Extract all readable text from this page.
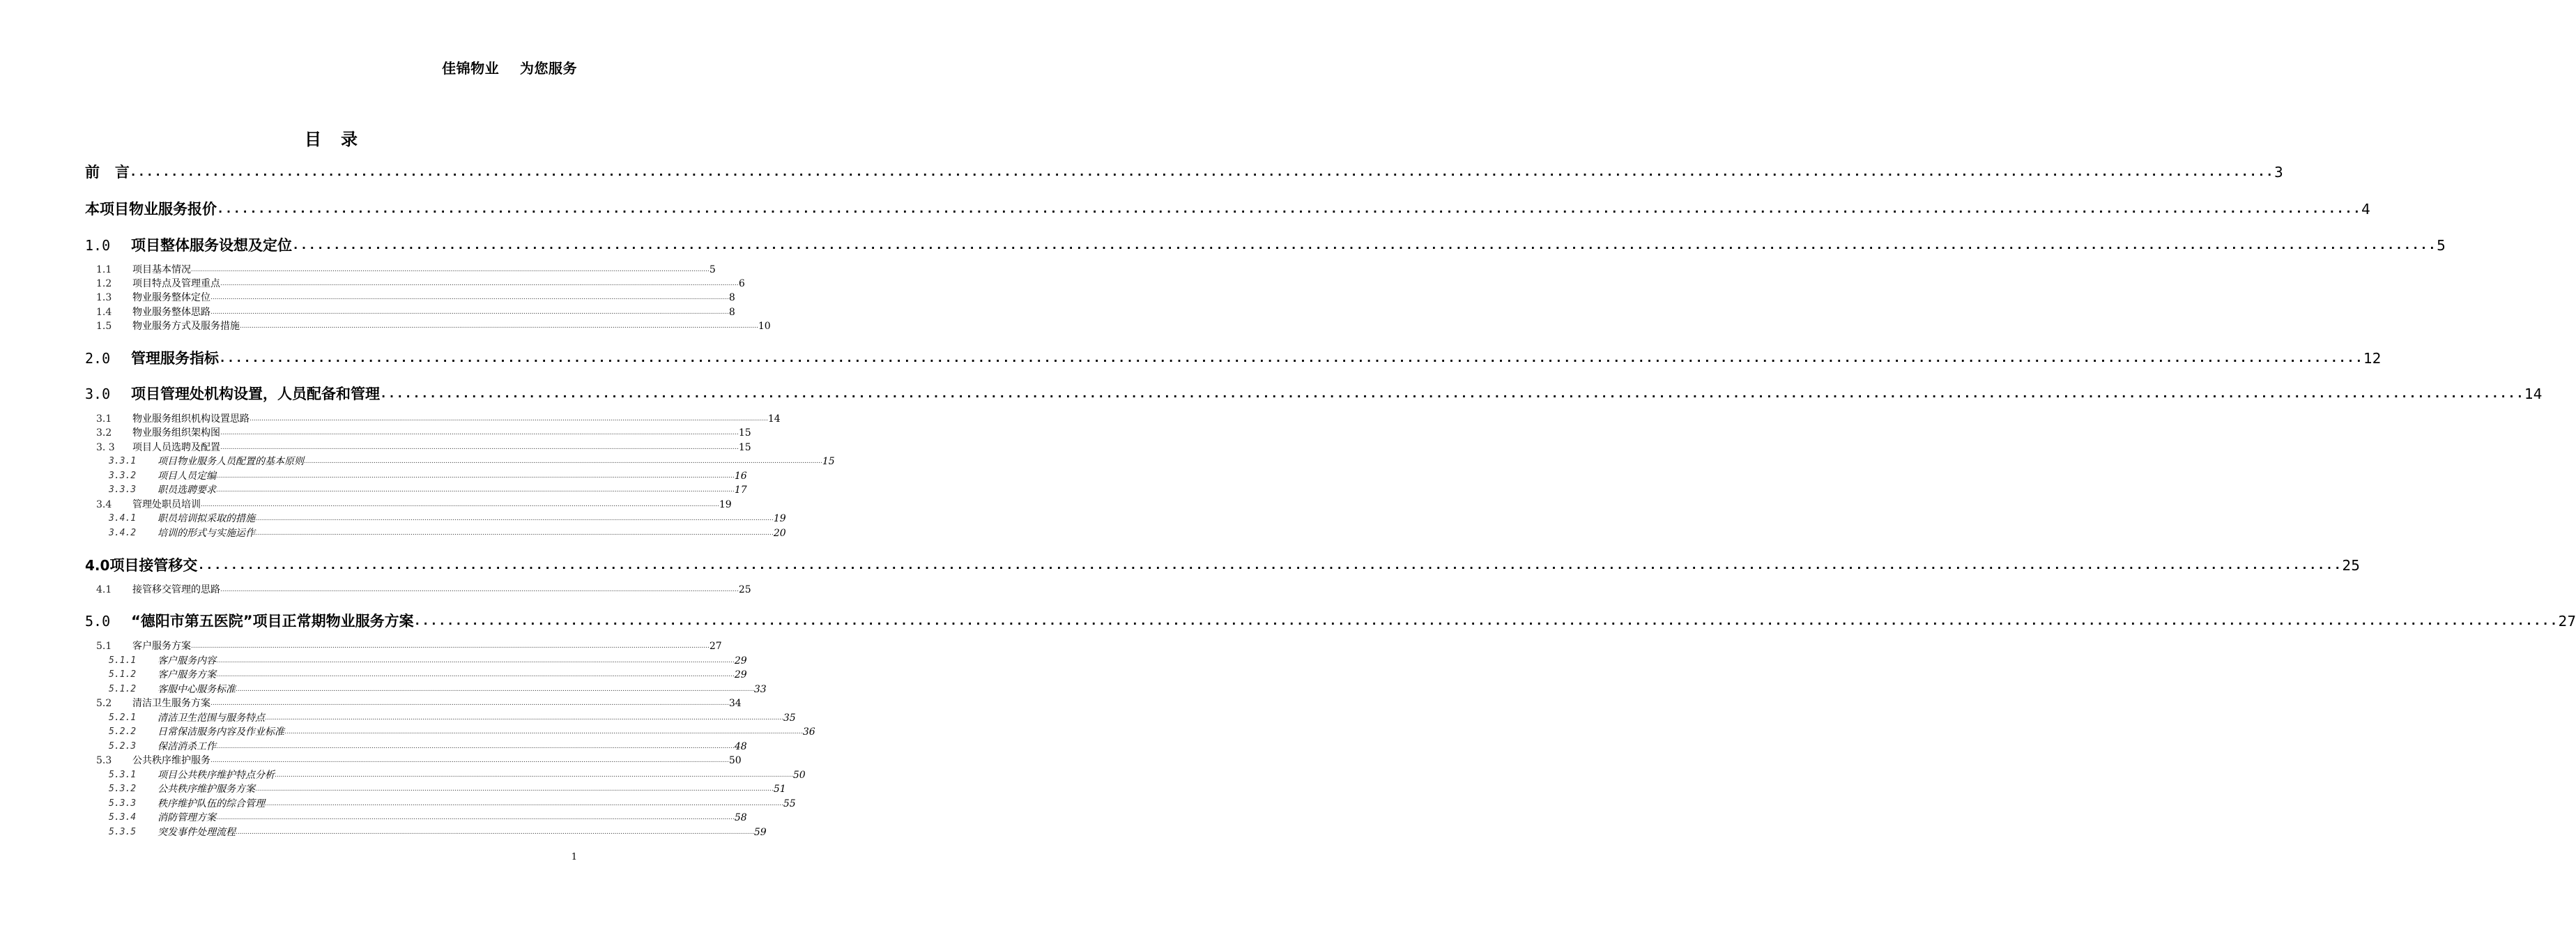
佳锦物业    为您服务
目录
前   言 .................................................................................................................................................................................................................................................................... 3
本项目物业服务报价 .................................................................................................................................................................................................................................................................... 4
1.0	项目整体服务设想及定位 .................................................................................................................................................................................................................................................................... 5
1.1	项目基本情况 .................................................................................................................................................................................................................................................................... 5
1.2	项目特点及管理重点 .................................................................................................................................................................................................................................................................... 6
1.3	物业服务整体定位 .................................................................................................................................................................................................................................................................... 8
1.4	物业服务整体思路 .................................................................................................................................................................................................................................................................... 8
1.5	物业服务方式及服务措施 .................................................................................................................................................................................................................................................................... 10
2.0	管理服务指标 .................................................................................................................................................................................................................................................................... 12
3.0	项目管理处机构设置，人员配备和管理 .................................................................................................................................................................................................................................................................... 14
3.1	物业服务组织机构设置思路 .................................................................................................................................................................................................................................................................... 14
3.2	物业服务组织架构图 .................................................................................................................................................................................................................................................................... 15
3. 3	项目人员选聘及配置 .................................................................................................................................................................................................................................................................... 15
3.3.1	项目物业服务人员配置的基本原则 .................................................................................................................................................................................................................................................................... 15
3.3.2	项目人员定编 .................................................................................................................................................................................................................................................................... 16
3.3.3	职员选聘要求 .................................................................................................................................................................................................................................................................... 17
3.4	管理处职员培训 .................................................................................................................................................................................................................................................................... 19
3.4.1	职员培训拟采取的措施 .................................................................................................................................................................................................................................................................... 19
3.4.2	培训的形式与实施运作 .................................................................................................................................................................................................................................................................... 20
4.0 项目接管移交 .................................................................................................................................................................................................................................................................... 25
4.1	接管移交管理的思路 .................................................................................................................................................................................................................................................................... 25
5.0	“德阳市第五医院”项目正常期物业服务方案 .................................................................................................................................................................................................................................................................... 27
5.1	客户服务方案 .................................................................................................................................................................................................................................................................... 27
5.1.1	客户服务内容 .................................................................................................................................................................................................................................................................... 29
5.1.2	客户服务方案 .................................................................................................................................................................................................................................................................... 29
5.1.2	客服中心服务标准 .................................................................................................................................................................................................................................................................... 33
5.2	清洁卫生服务方案 .................................................................................................................................................................................................................................................................... 34
5.2.1	清洁卫生范围与服务特点 .................................................................................................................................................................................................................................................................... 35
5.2.2	日常保洁服务内容及作业标准 .................................................................................................................................................................................................................................................................... 36
5.2.3	保洁消杀工作 .................................................................................................................................................................................................................................................................... 48
5.3	公共秩序维护服务 .................................................................................................................................................................................................................................................................... 50
5.3.1	项目公共秩序维护特点分析 .................................................................................................................................................................................................................................................................... 50
5.3.2	公共秩序维护服务方案 .................................................................................................................................................................................................................................................................... 51
5.3.3	秩序维护队伍的综合管理 .................................................................................................................................................................................................................................................................... 55
5.3.4	消防管理方案 .................................................................................................................................................................................................................................................................... 58
5.3.5	突发事件处理流程 .................................................................................................................................................................................................................................................................... 59
1
